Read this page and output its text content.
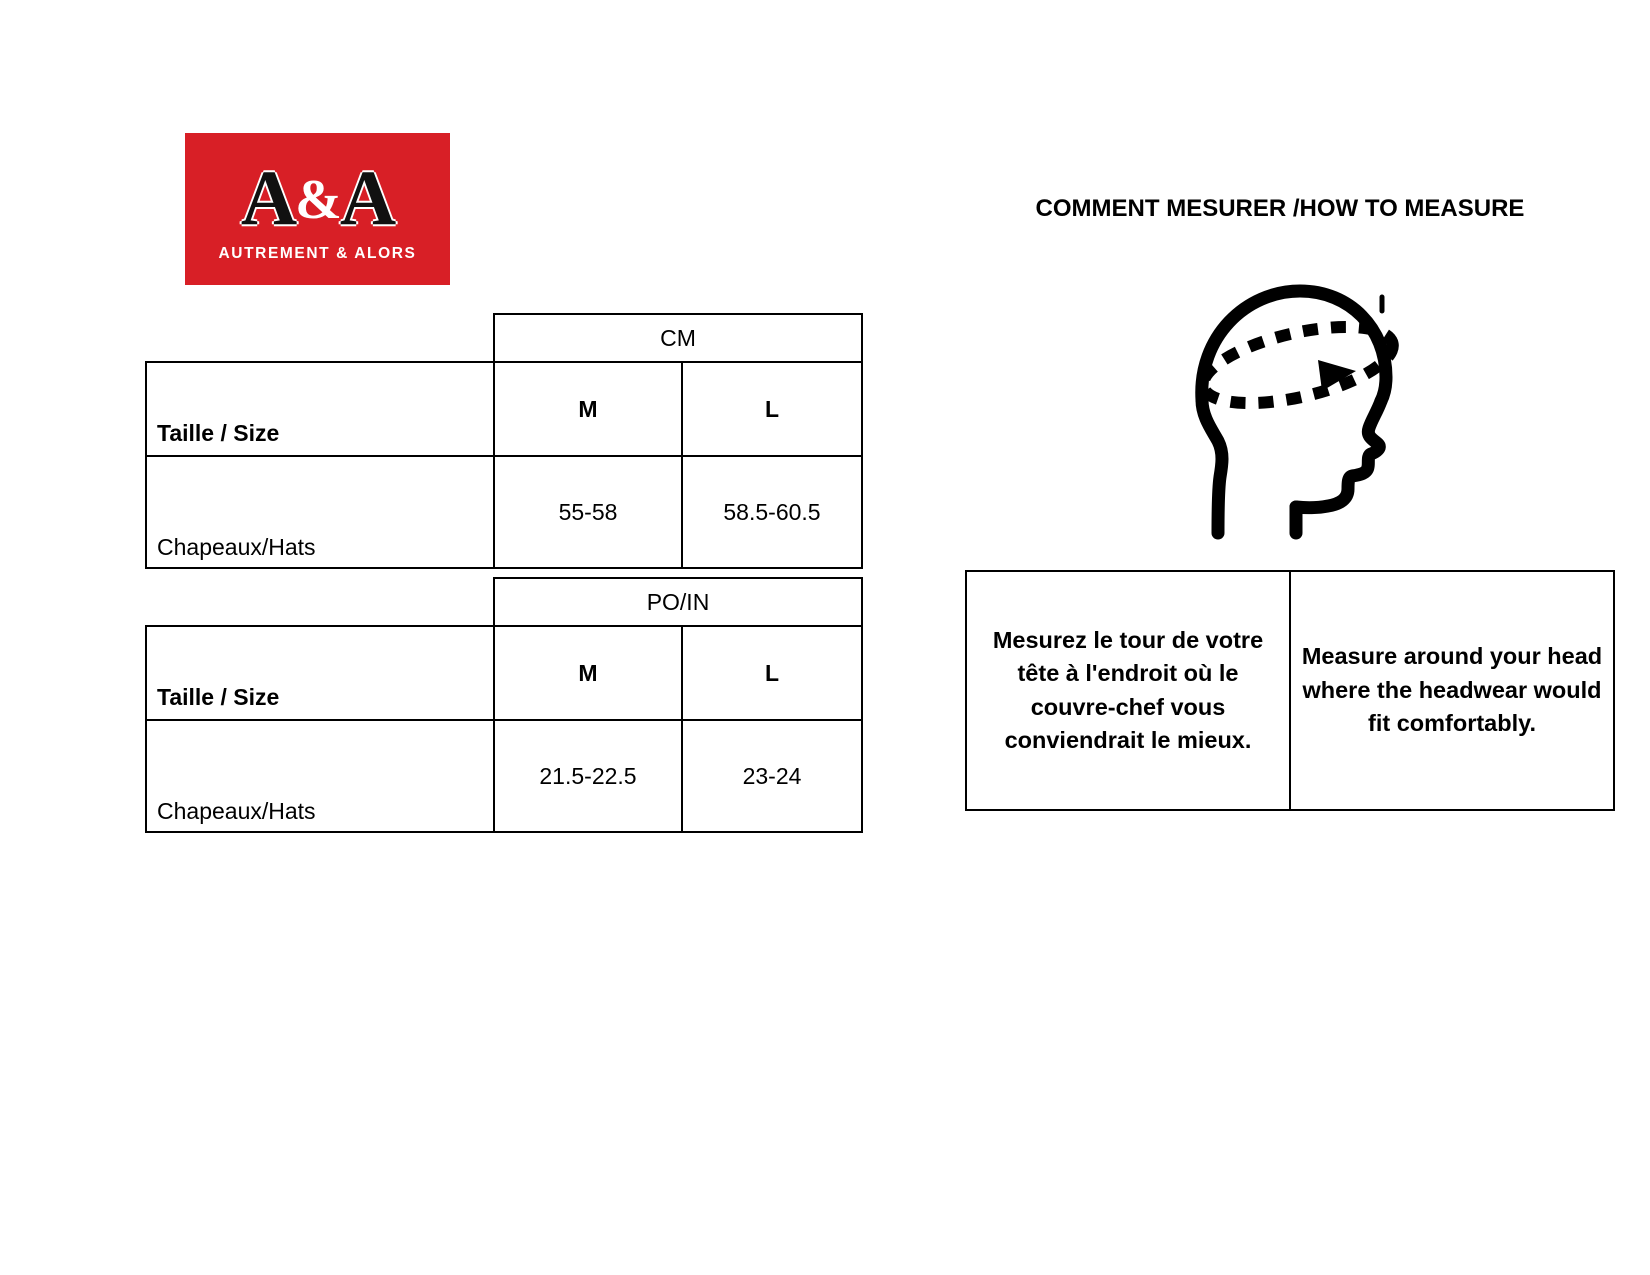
A&A
AUTREMENT & ALORS
	CM	
Taille / Size	M	L
Chapeaux/Hats	55-58	58.5-60.5
	PO/IN	
Taille / Size	M	L
Chapeaux/Hats	21.5-22.5	23-24
COMMENT MESURER /HOW TO MEASURE
Mesurez le tour de votre tête à l'endroit où le couvre-chef vous conviendrait le mieux.	Measure around your head where the headwear would fit comfortably.
